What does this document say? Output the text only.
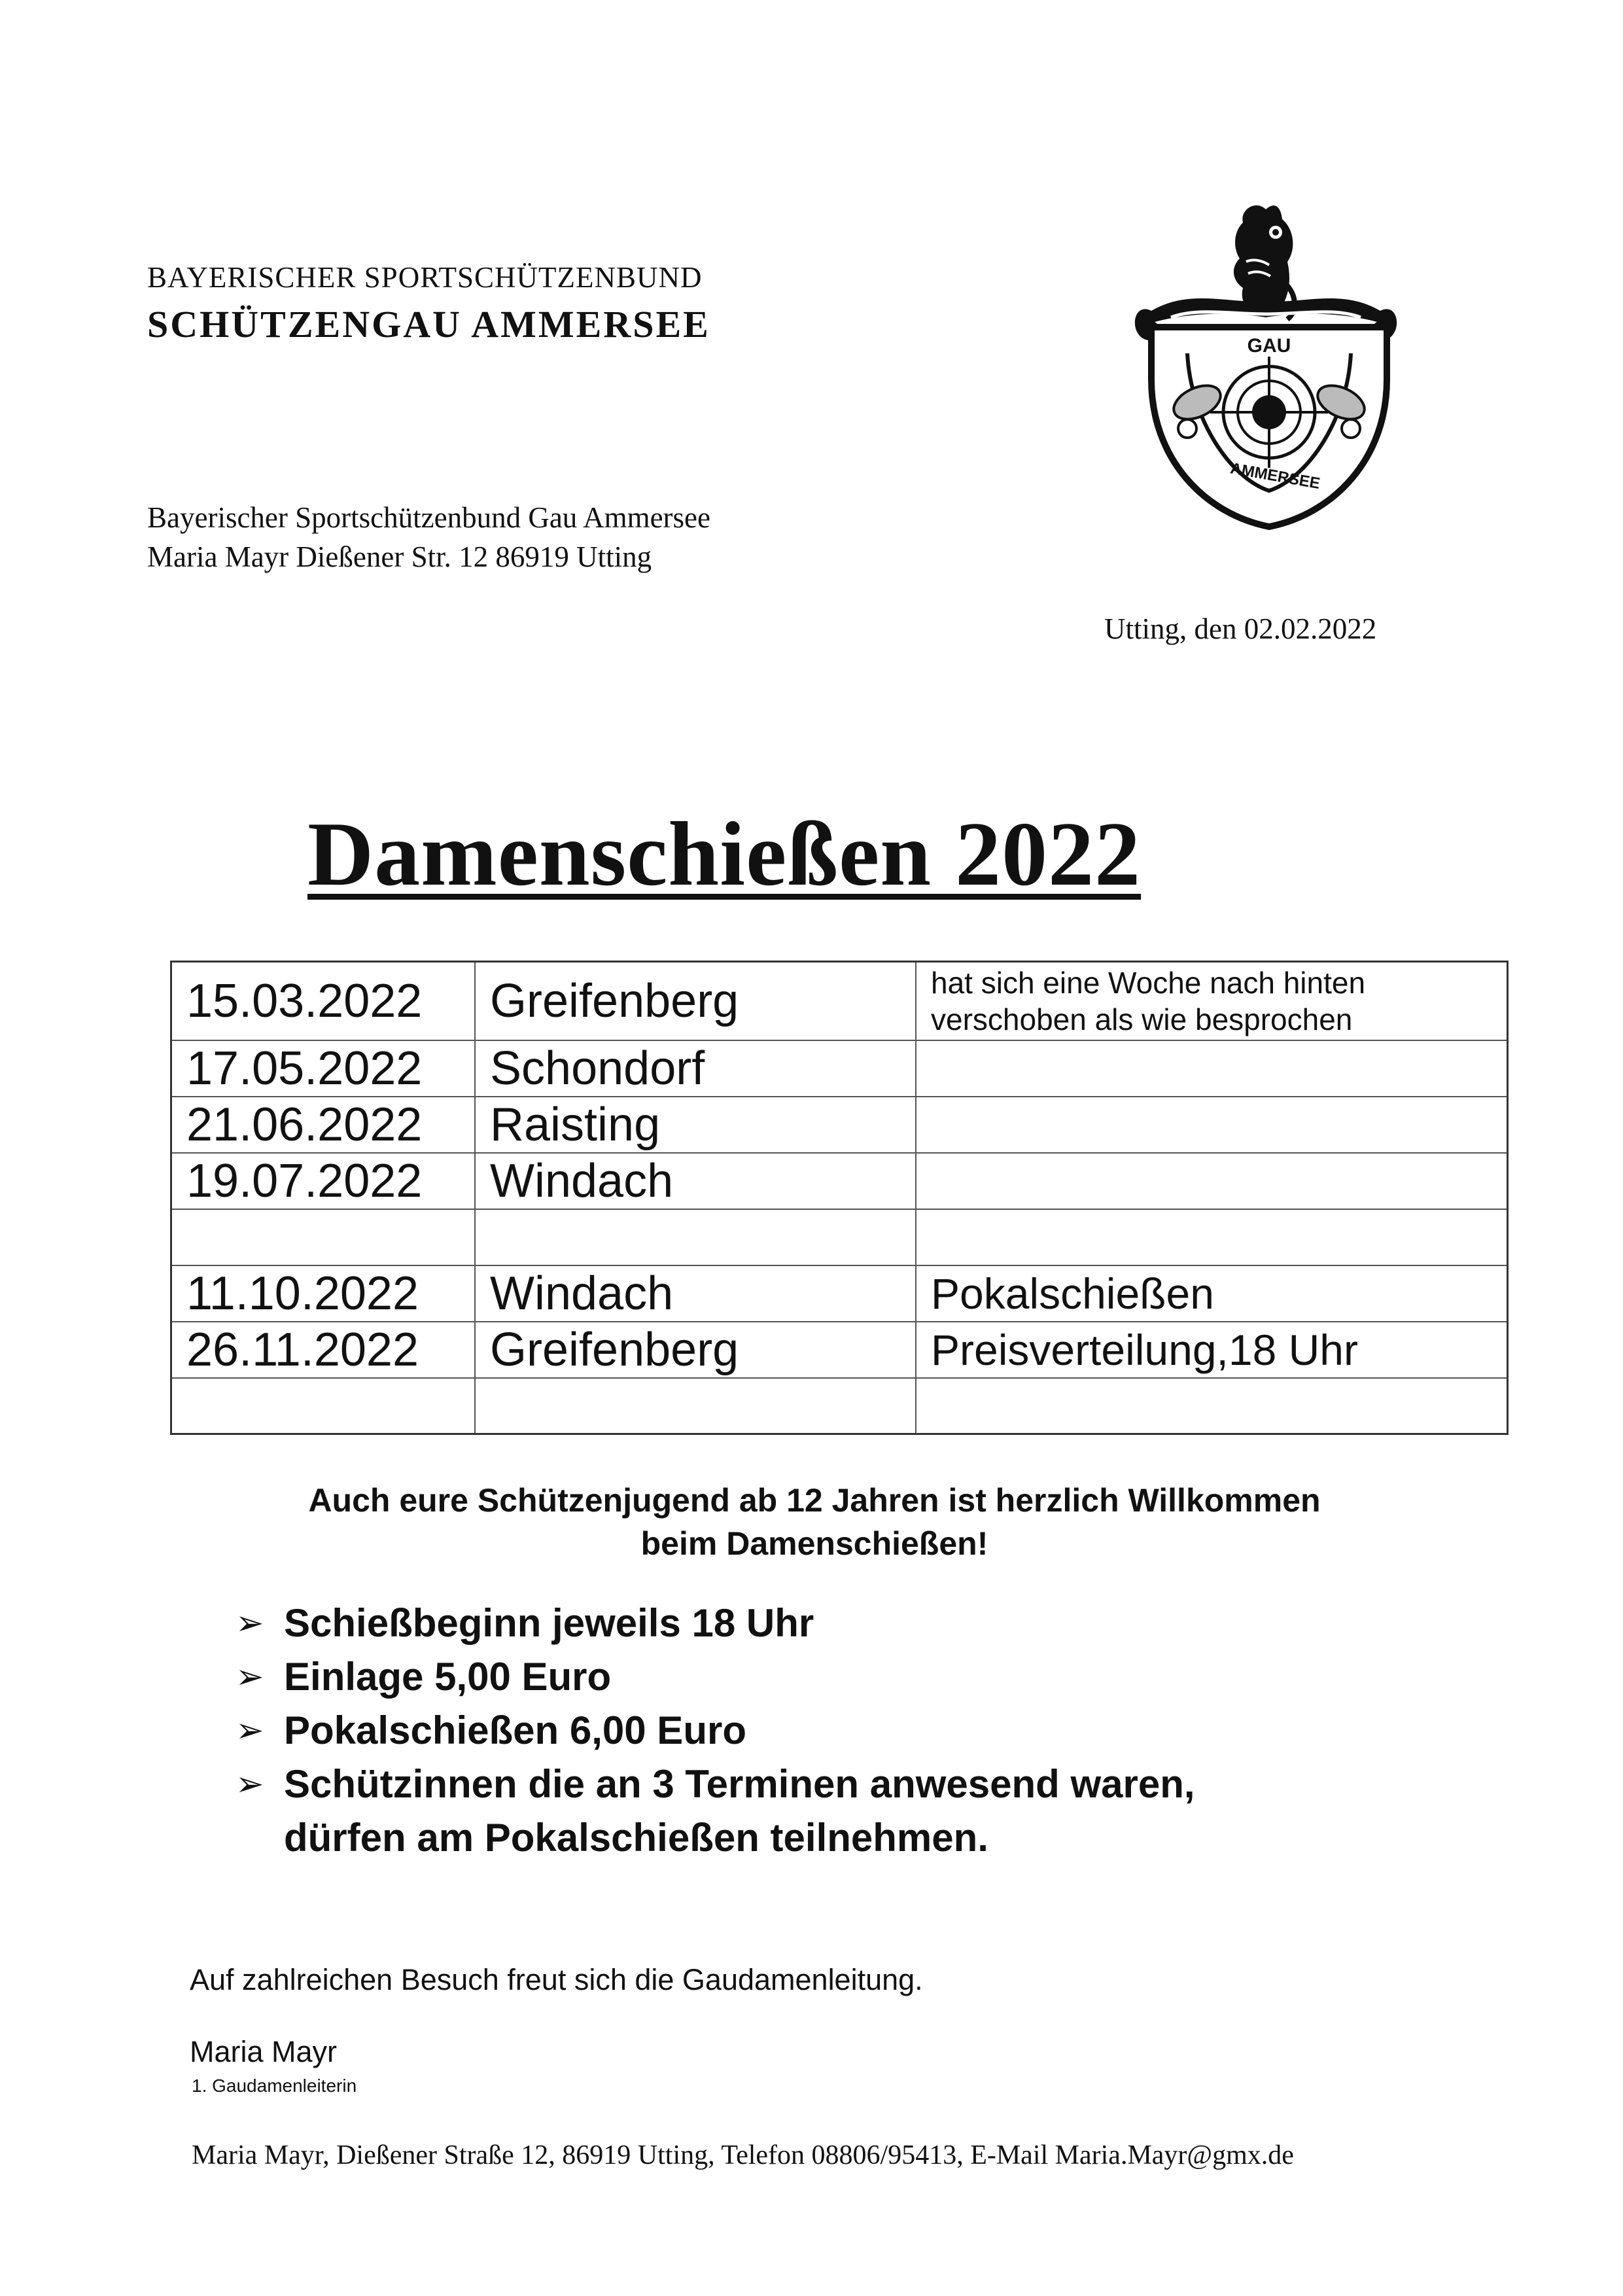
BAYERISCHER SPORTSCHÜTZENBUND
SCHÜTZENGAU AMMERSEE
GAU
AMMERSEE
Bayerischer Sportschützenbund Gau Ammersee
Maria Mayr Dießener Str. 12 86919 Utting
Utting, den 02.02.2022
Damenschießen 2022
15.03.2022	Greifenberg	hat sich eine Woche nach hinten verschoben als wie besprochen
17.05.2022	Schondorf	
21.06.2022	Raisting	
19.07.2022	Windach	

11.10.2022	Windach	Pokalschießen
26.11.2022	Greifenberg	Preisverteilung,18 Uhr

Auch eure Schützenjugend ab 12 Jahren ist herzlich Willkommen
beim Damenschießen!
➢ Schießbeginn jeweils 18 Uhr
➢ Einlage 5,00 Euro
➢ Pokalschießen 6,00 Euro
➢ Schützinnen die an 3 Terminen anwesend waren,
dürfen am Pokalschießen teilnehmen.
Auf zahlreichen Besuch freut sich die Gaudamenleitung.
Maria Mayr
1. Gaudamenleiterin
Maria Mayr, Dießener Straße 12, 86919 Utting, Telefon 08806/95413, E-Mail Maria.Mayr@gmx.de
